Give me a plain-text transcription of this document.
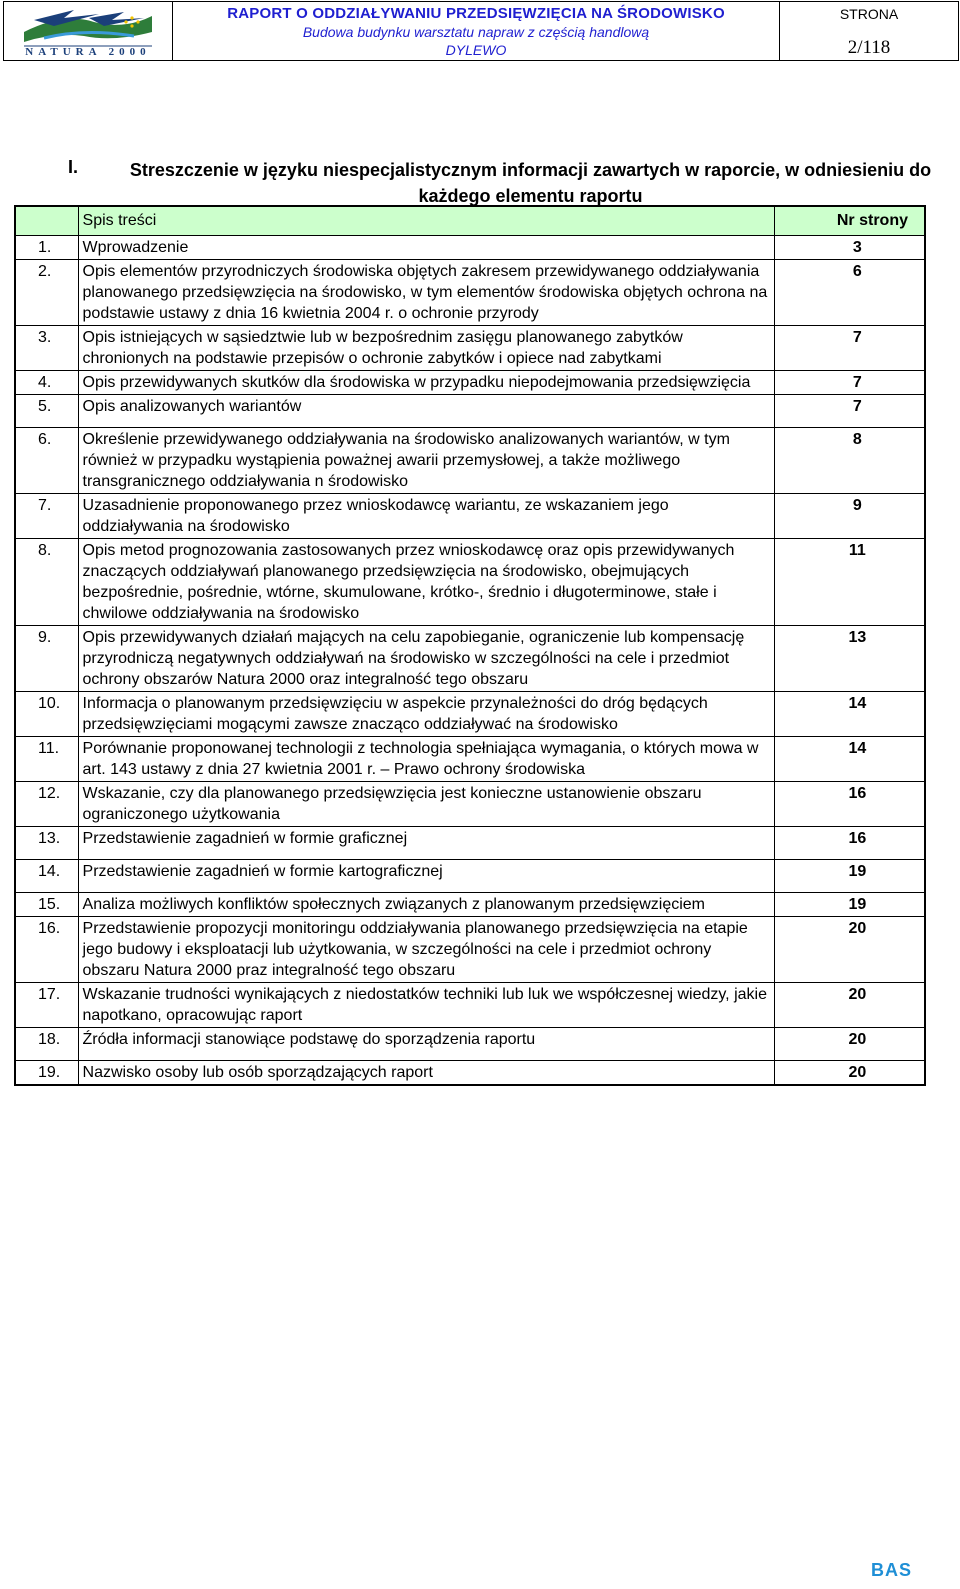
NATURA 2000
RAPORT O ODDZIAŁYWANIU PRZEDSIĘWZIĘCIA NA ŚRODOWISKO
Budowa budynku warsztatu napraw z częścią handlową
DYLEWO
STRONA
2/118
I.	Streszczenie w języku niespecjalistycznym informacji zawartych w raporcie, w odniesieniu do każdego elementu raportu
	Spis treści	Nr strony
1.	Wprowadzenie	3
2.	Opis elementów przyrodniczych środowiska objętych zakresem przewidywanego oddziaływania planowanego przedsięwzięcia na środowisko, w tym elementów środowiska objętych ochrona na podstawie ustawy z dnia 16 kwietnia 2004 r. o ochronie przyrody	6
3.	Opis istniejących w sąsiedztwie lub w bezpośrednim zasięgu planowanego zabytków chronionych na podstawie przepisów o ochronie zabytków i opiece nad zabytkami	7
4.	Opis przewidywanych skutków dla środowiska w przypadku niepodejmowania przedsięwzięcia	7
5.	Opis analizowanych wariantów	7
6.	Określenie przewidywanego oddziaływania na środowisko analizowanych wariantów, w tym również w przypadku wystąpienia poważnej awarii przemysłowej, a także możliwego transgranicznego oddziaływania n środowisko	8
7.	Uzasadnienie proponowanego przez wnioskodawcę wariantu, ze wskazaniem jego oddziaływania na środowisko	9
8.	Opis metod prognozowania zastosowanych przez wnioskodawcę oraz opis przewidywanych znaczących oddziaływań planowanego przedsięwzięcia na środowisko, obejmujących bezpośrednie, pośrednie, wtórne, skumulowane, krótko-, średnio i długoterminowe, stałe i chwilowe oddziaływania na środowisko	11
9.	Opis przewidywanych działań mających na celu zapobieganie, ograniczenie lub kompensację przyrodniczą negatywnych oddziaływań na środowisko w szczególności na cele i przedmiot ochrony obszarów Natura 2000 oraz integralność tego obszaru	13
10.	Informacja o planowanym przedsięwzięciu w aspekcie przynależności do dróg będących przedsięwzięciami mogącymi zawsze znacząco oddziaływać na środowisko	14
11.	Porównanie proponowanej technologii z technologia spełniająca wymagania, o których mowa w art. 143 ustawy z dnia 27 kwietnia 2001 r. – Prawo ochrony środowiska	14
12.	Wskazanie, czy dla planowanego przedsięwzięcia jest konieczne ustanowienie obszaru ograniczonego użytkowania	16
13.	Przedstawienie zagadnień w formie graficznej	16
14.	Przedstawienie zagadnień w formie kartograficznej	19
15.	Analiza możliwych konfliktów społecznych związanych z planowanym przedsięwzięciem	19
16.	Przedstawienie propozycji monitoringu oddziaływania planowanego przedsięwzięcia na etapie jego budowy i eksploatacji lub użytkowania, w szczególności na cele i przedmiot ochrony obszaru Natura 2000 praz integralność tego obszaru	20
17.	Wskazanie trudności wynikających z niedostatków techniki lub luk we współczesnej wiedzy, jakie napotkano, opracowując raport	20
18.	Źródła informacji stanowiące podstawę do sporządzenia raportu	20
19.	Nazwisko osoby lub osób sporządzających raport	20
BAS
